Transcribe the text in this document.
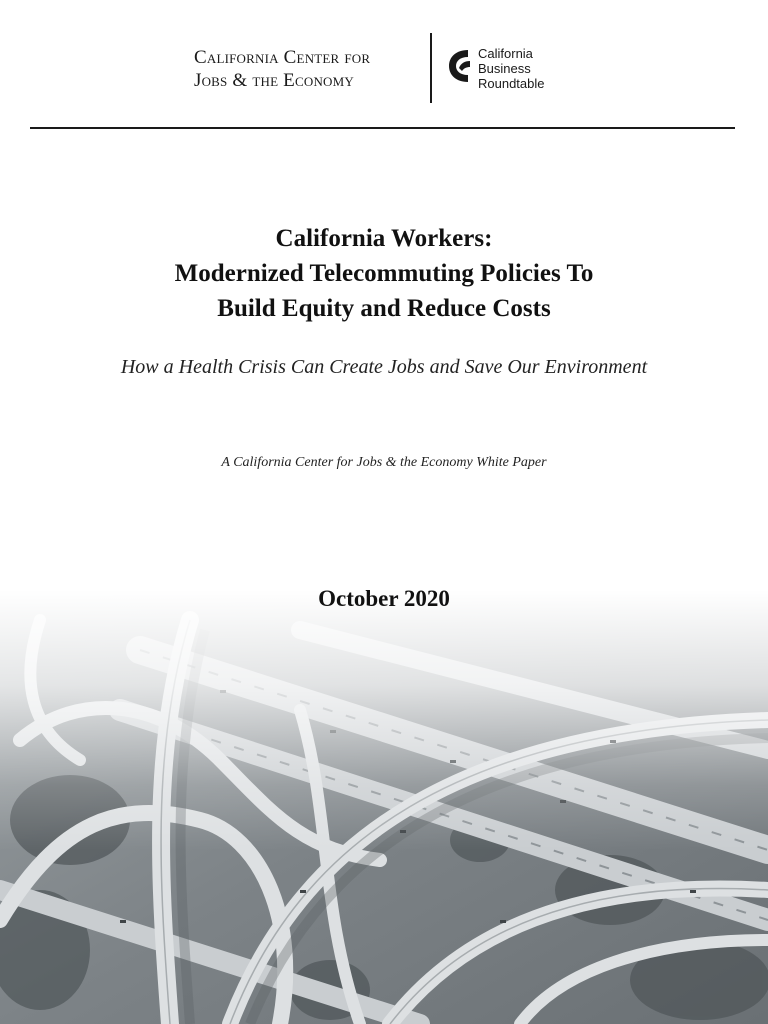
California Center for
Jobs & the Economy
California
Business
Roundtable
California Workers:
Modernized Telecommuting Policies To
Build Equity and Reduce Costs
How a Health Crisis Can Create Jobs and Save Our Environment
A California Center for Jobs & the Economy White Paper
October 2020
